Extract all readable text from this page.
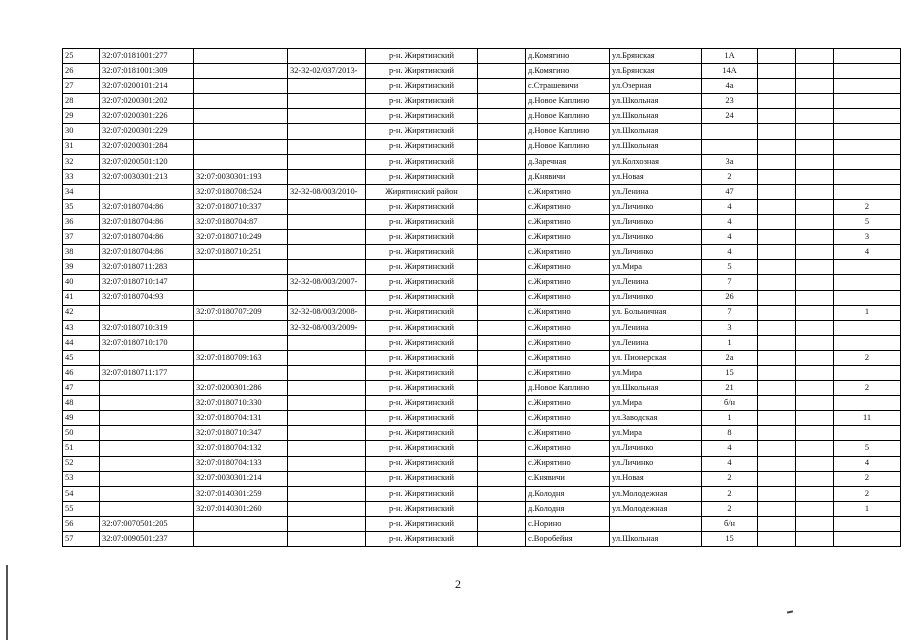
25	32:07:0181001:277			р-н. Жирятинский		д.Комягино	ул.Брянская	1А			
26	32:07:0181001:309		32-32-02/037/2013-	р-н. Жирятинский		д.Комягино	ул.Брянская	14А			
27	32:07:0200101:214			р-н. Жирятинский		с.Страшевичи	ул.Озерная	4а			
28	32:07:0200301:202			р-н. Жирятинский		д.Новое Каплино	ул.Школьная	23			
29	32:07:0200301:226			р-н. Жирятинский		д.Новое Каплино	ул.Школьная	24			
30	32:07:0200301:229			р-н. Жирятинский		д.Новое Каплино	ул.Школьная				
31	32:07:0200301:284			р-н. Жирятинский		д.Новое Каплино	ул.Школьная				
32	32:07:0200501:120			р-н. Жирятинский		д.Заречная	ул.Колхозная	3а			
33	32:07:0030301:213	32:07:0030301:193		р-н. Жирятинский		д.Княвичи	ул.Новая	2			
34		32:07:0180708:524	32-32-08/003/2010-	Жирятинский район		с.Жирятино	ул.Ленина	47			
35	32:07:0180704:86	32:07:0180710:337		р-н. Жирятинский		с.Жирятино	ул.Личинко	4			2
36	32:07:0180704:86	32:07:0180704:87		р-н. Жирятинский		с.Жирятино	ул.Личинко	4			5
37	32:07:0180704:86	32:07:0180710:249		р-н. Жирятинский		с.Жирятино	ул.Личинко	4			3
38	32:07:0180704:86	32:07:0180710:251		р-н. Жирятинский		с.Жирятино	ул.Личинко	4			4
39	32:07:0180711:283			р-н. Жирятинский		с.Жирятино	ул.Мира	5			
40	32:07:0180710:147		32-32-08/003/2007-	р-н. Жирятинский		с.Жирятино	ул.Ленина	7			
41	32:07:0180704:93			р-н. Жирятинский		с.Жирятино	ул.Личинко	26			
42		32:07:0180707:209	32-32-08/003/2008-	р-н. Жирятинский		с.Жирятино	ул. Больничная	7			1
43	32:07:0180710:319		32-32-08/003/2009-	р-н. Жирятинский		с.Жирятино	ул.Ленина	3			
44	32:07:0180710:170			р-н. Жирятинский		с.Жирятино	ул.Ленина	1			
45		32:07:0180709:163		р-н. Жирятинский		с.Жирятино	ул. Пионерская	2а			2
46	32:07:0180711:177			р-н. Жирятинский		с.Жирятино	ул.Мира	15			
47		32:07:0200301:286		р-н. Жирятинский		д.Новое Каплино	ул.Школьная	21			2
48		32:07:0180710:330		р-н. Жирятинский		с.Жирятино	ул.Мира	б/н			
49		32:07:0180704:131		р-н. Жирятинский		с.Жирятино	ул.Заводская	1			11
50		32:07:0180710:347		р-н. Жирятинский		с.Жирятино	ул.Мира	8			
51		32:07:0180704:132		р-н. Жирятинский		с.Жирятино	ул.Личинко	4			5
52		32:07:0180704:133		р-н. Жирятинский		с.Жирятино	ул.Личинко	4			4
53		32:07:0030301:214		р-н. Жирятинский		с.Княвичи	ул.Новая	2			2
54		32:07:0140301:259		р-н. Жирятинский		д.Колодня	ул.Молодежная	2			2
55		32:07:0140301:260		р-н. Жирятинский		д.Колодня	ул.Молодежная	2			1
56	32:07:0070501:205			р-н. Жирятинский		с.Норино		б/н			
57	32:07:0090501:237			р-н. Жирятинский		с.Воробейня	ул.Школьная	15			
2
